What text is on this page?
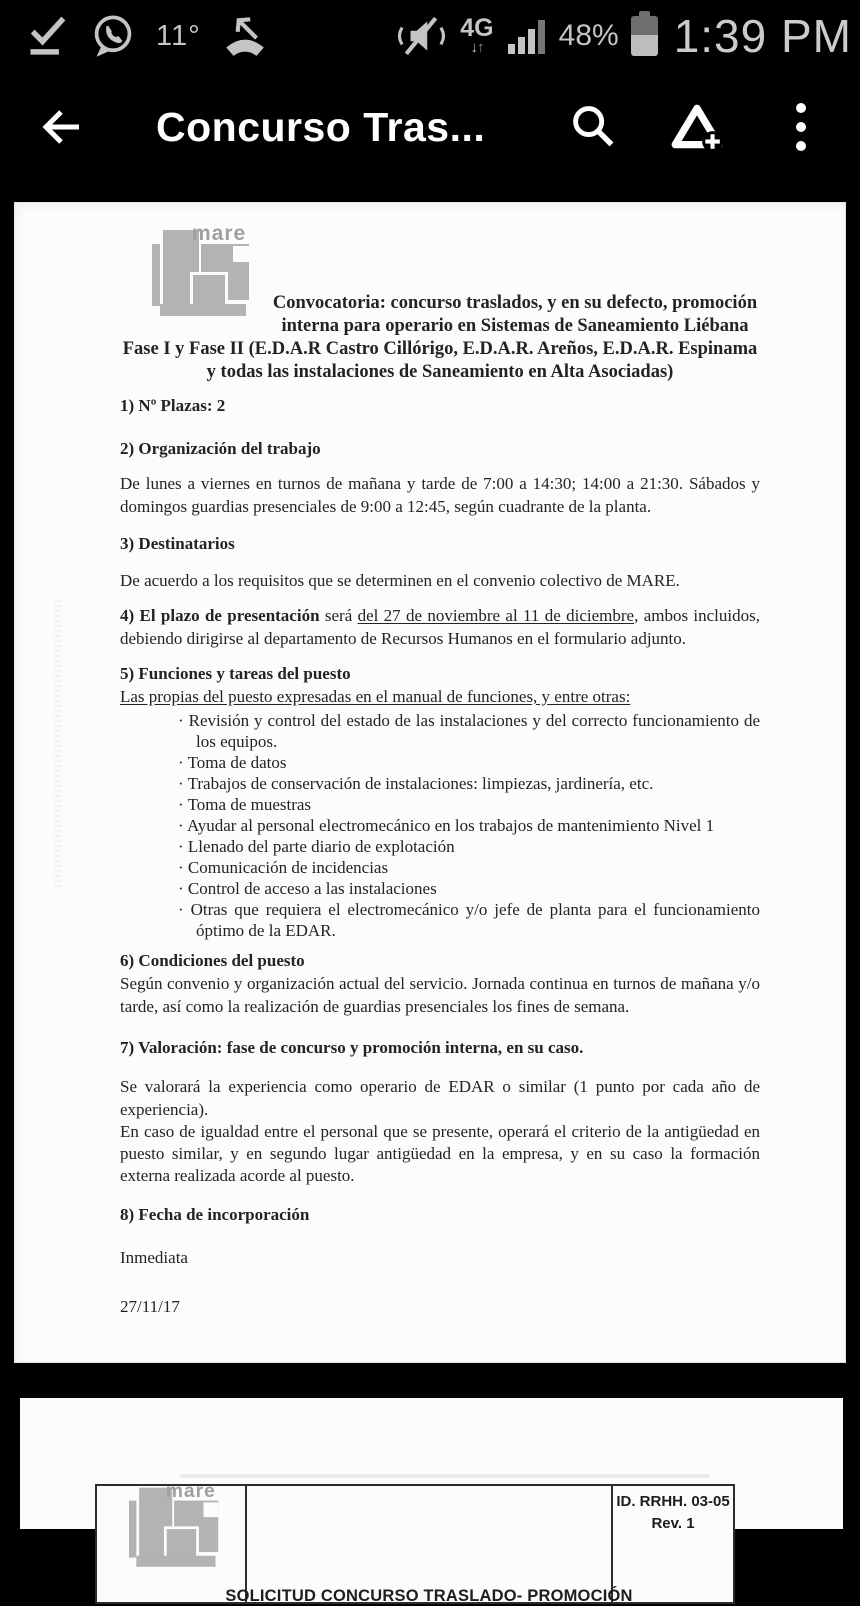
11°	4G
↓↑	48% 1:39 PM
Concurso Tras...
mare

Convocatoria: concurso traslados, y en su defecto, promoción interna para operario en Sistemas de Saneamiento Liébana Fase I y Fase II (E.D.A.R Castro Cillórigo, E.D.A.R. Areños, E.D.A.R. Espinama y todas las instalaciones de Saneamiento en Alta Asociadas)

1) Nº Plazas: 2

2) Organización del trabajo

De lunes a viernes en turnos de mañana y tarde de 7:00 a 14:30; 14:00 a 21:30. Sábados y domingos guardias presenciales de 9:00 a 12:45, según cuadrante de la planta.

3) Destinatarios

De acuerdo a los requisitos que se determinen en el convenio colectivo de MARE.

4) El plazo de presentación será del 27 de noviembre al 11 de diciembre, ambos incluidos, debiendo dirigirse al departamento de Recursos Humanos en el formulario adjunto.

5) Funciones y tareas del puesto

Las propias del puesto expresadas en el manual de funciones, y entre otras:

· Revisión y control del estado de las instalaciones y del correcto funcionamiento de los equipos.
· Toma de datos
· Trabajos de conservación de instalaciones: limpiezas, jardinería, etc.
· Toma de muestras
· Ayudar al personal electromecánico en los trabajos de mantenimiento Nivel 1
· Llenado del parte diario de explotación
· Comunicación de incidencias
· Control de acceso a las instalaciones
· Otras que requiera el electromecánico y/o jefe de planta para el funcionamiento óptimo de la EDAR.

6) Condiciones del puesto

Según convenio y organización actual del servicio. Jornada continua en turnos de mañana y/o tarde, así como la realización de guardias presenciales los fines de semana.

7) Valoración: fase de concurso y promoción interna, en su caso.

Se valorará la experiencia como operario de EDAR o similar (1 punto por cada año de experiencia).

En caso de igualdad entre el personal que se presente, operará el criterio de la antigüedad en puesto similar, y en segundo lugar antigüedad en la empresa, y en su caso la formación externa realizada acorde al puesto.

8) Fecha de incorporación

Inmediata

27/11/17

mare
SOLICITUD CONCURSO TRASLADO- PROMOCIÓN
ID. RRHH. 03-05
Rev. 1
